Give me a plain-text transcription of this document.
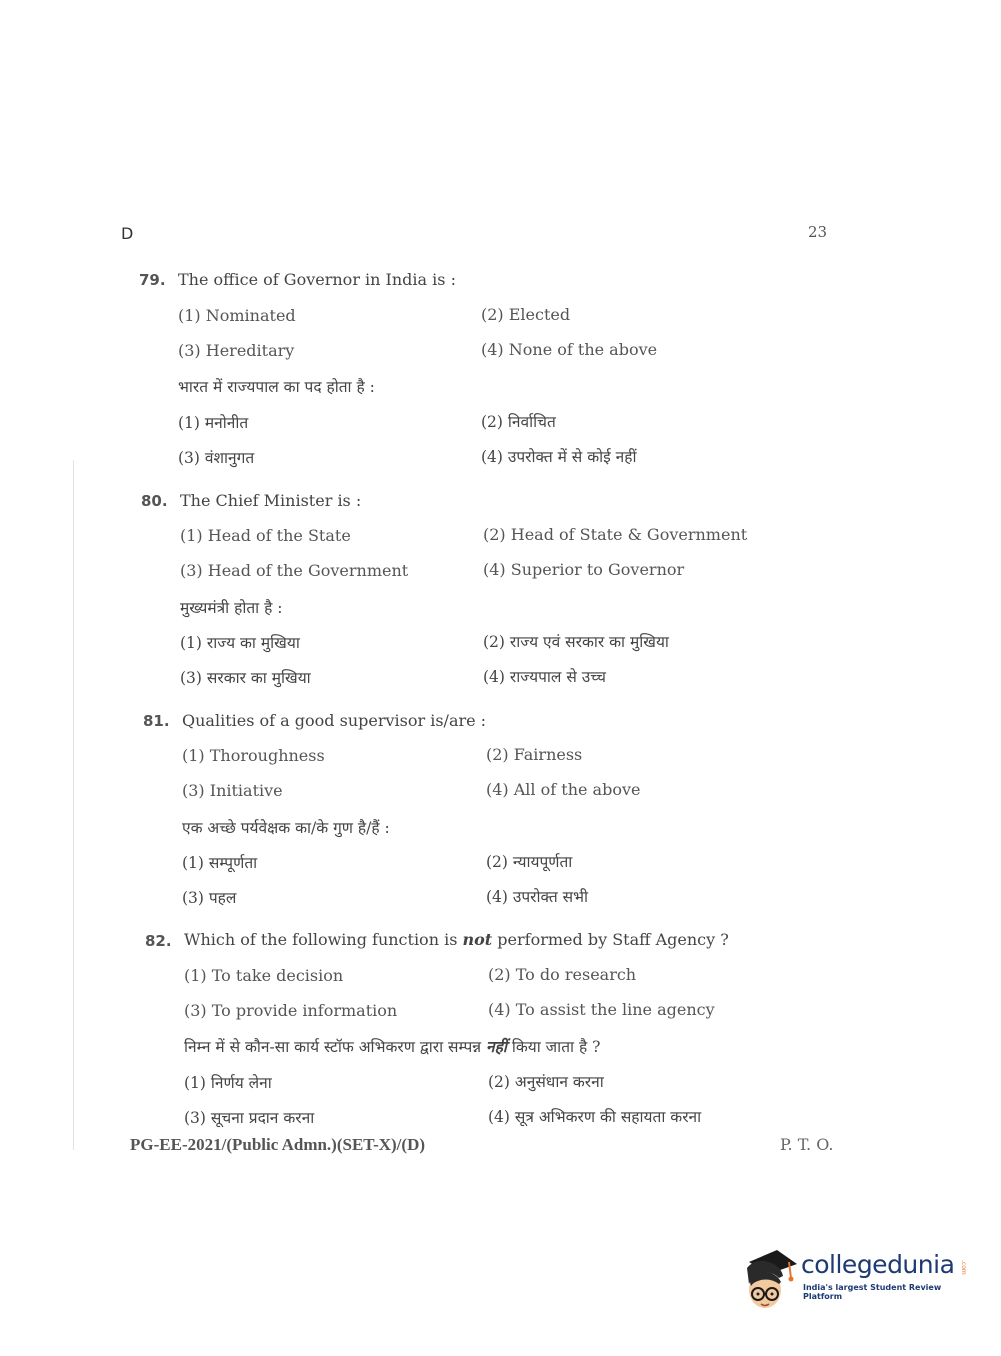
D	23
79. The office of Governor in India is :
(1) Nominated	(2) Elected
(3) Hereditary	(4) None of the above
भारत में राज्यपाल का पद होता है :
(1) मनोनीत	(2) निर्वाचित
(3) वंशानुगत	(4) उपरोक्त में से कोई नहीं
80. The Chief Minister is :
(1) Head of the State	(2) Head of State & Government
(3) Head of the Government	(4) Superior to Governor
मुख्यमंत्री होता है :
(1) राज्य का मुखिया	(2) राज्य एवं सरकार का मुखिया
(3) सरकार का मुखिया	(4) राज्यपाल से उच्च
81. Qualities of a good supervisor is/are :
(1) Thoroughness	(2) Fairness
(3) Initiative	(4) All of the above
एक अच्छे पर्यवेक्षक का/के गुण है/हैं :
(1) सम्पूर्णता	(2) न्यायपूर्णता
(3) पहल	(4) उपरोक्त सभी
82. Which of the following function is not performed by Staff Agency ?
(1) To take decision	(2) To do research
(3) To provide information	(4) To assist the line agency
निम्न में से कौन-सा कार्य स्टॉफ अभिकरण द्वारा सम्पन्न नहीं किया जाता है ?
(1) निर्णय लेना	(2) अनुसंधान करना
(3) सूचना प्रदान करना	(4) सूत्र अभिकरण की सहायता करना
PG-EE-2021/(Public Admn.)(SET-X)/(D)	P. T. O.
collegedunia .com
India's largest Student Review Platform
